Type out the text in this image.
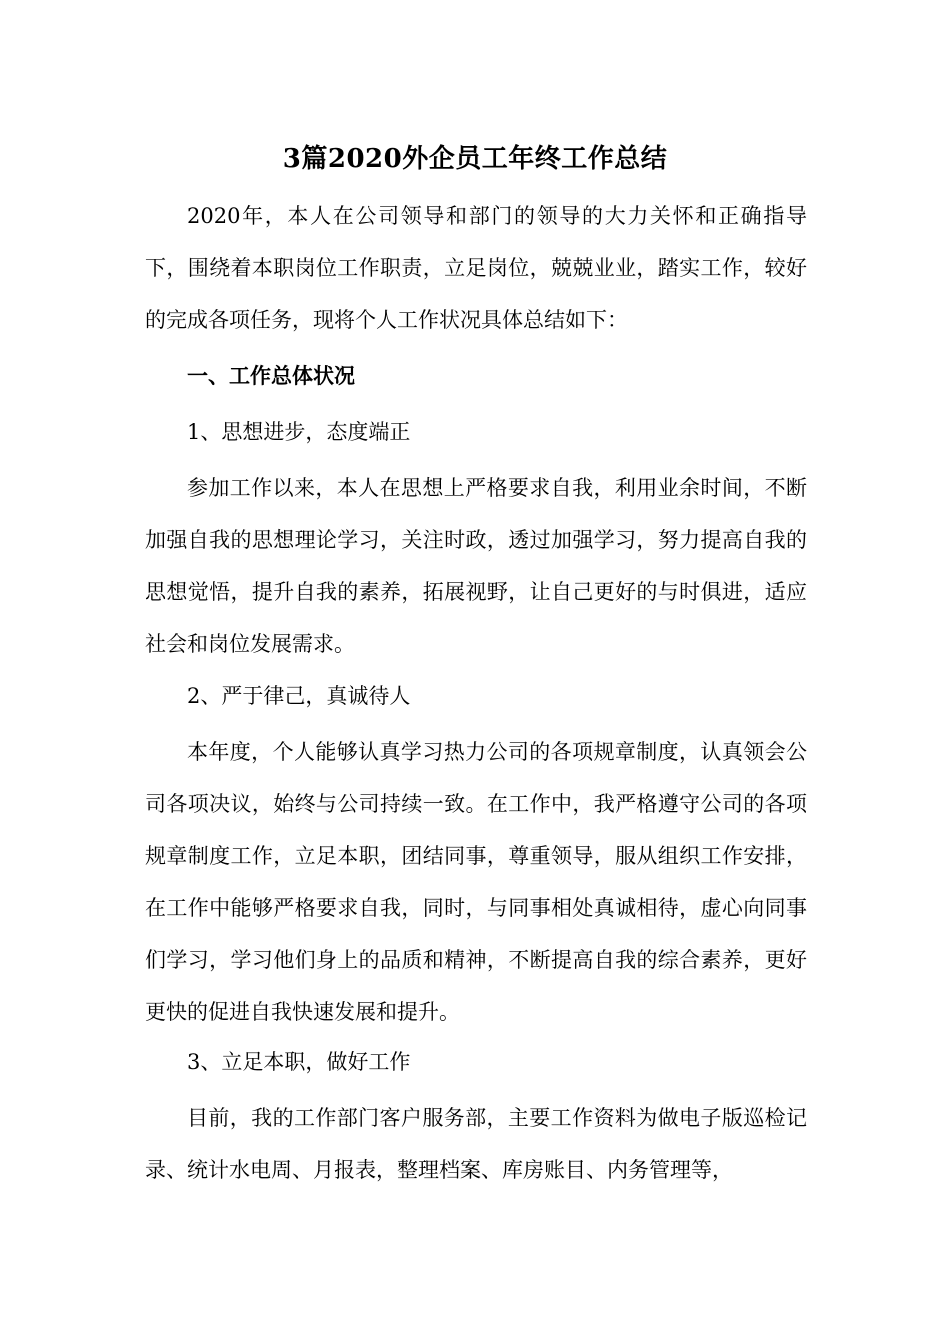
3篇2020外企员工年终工作总结

2020年，本人在公司领导和部门的领导的大力关怀和正确指导下，围绕着本职岗位工作职责，立足岗位，兢兢业业，踏实工作，较好的完成各项任务，现将个人工作状况具体总结如下：

一、工作总体状况

1、思想进步，态度端正

参加工作以来，本人在思想上严格要求自我，利用业余时间，不断加强自我的思想理论学习，关注时政，透过加强学习，努力提高自我的思想觉悟，提升自我的素养，拓展视野，让自己更好的与时俱进，适应社会和岗位发展需求。

2、严于律己，真诚待人

本年度，个人能够认真学习热力公司的各项规章制度，认真领会公司各项决议，始终与公司持续一致。在工作中，我严格遵守公司的各项规章制度工作，立足本职，团结同事，尊重领导，服从组织工作安排，在工作中能够严格要求自我，同时，与同事相处真诚相待，虚心向同事们学习，学习他们身上的品质和精神，不断提高自我的综合素养，更好更快的促进自我快速发展和提升。

3、立足本职，做好工作

目前，我的工作部门客户服务部，主要工作资料为做电子版巡检记录、统计水电周、月报表，整理档案、库房账目、内务管理等，
